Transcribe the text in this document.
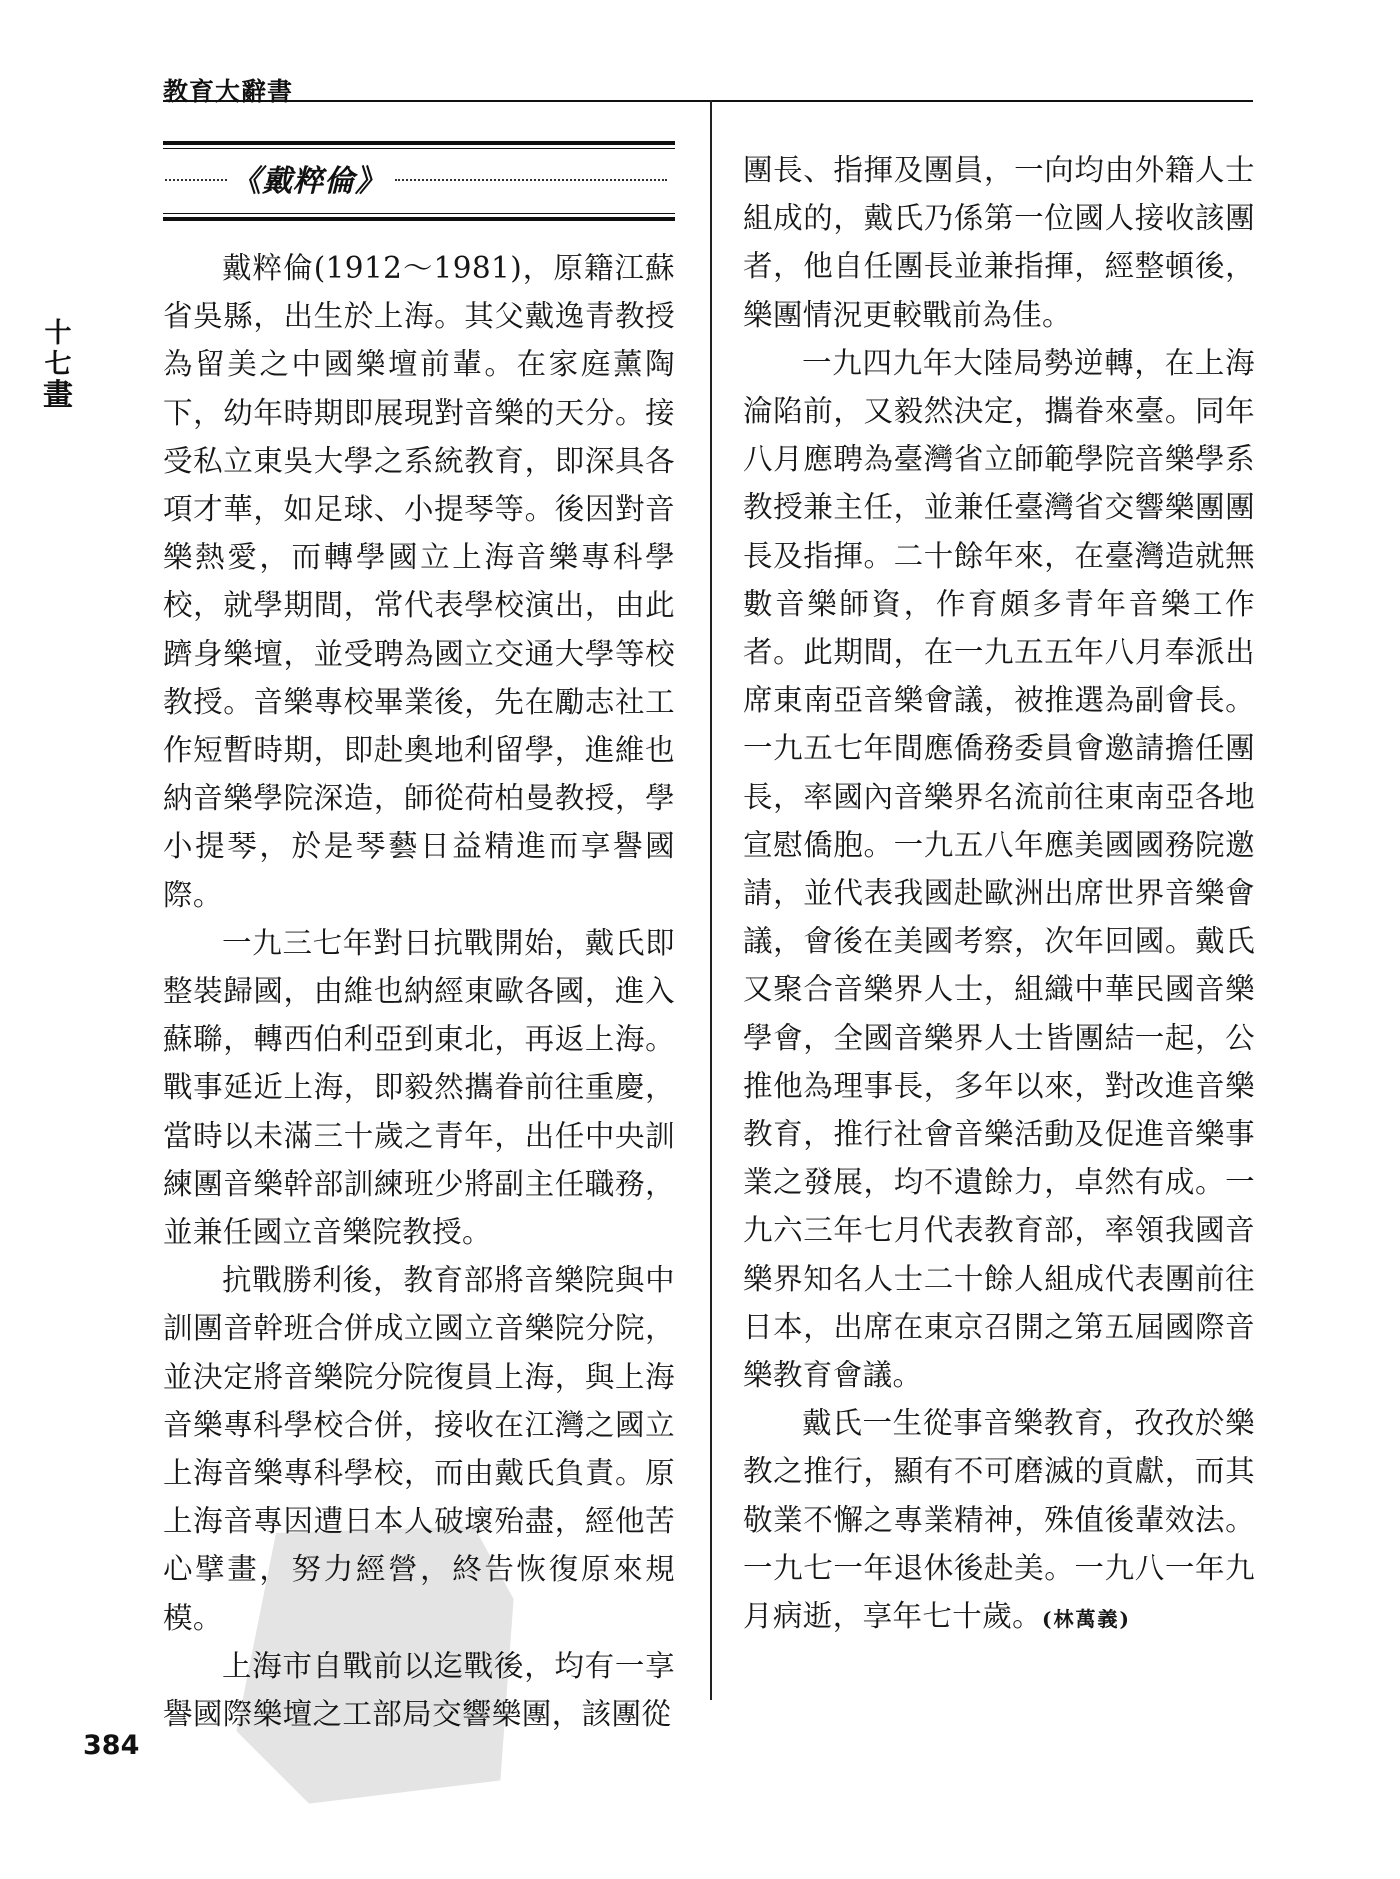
教育大辭書
十
七
畫
《戴粹倫》

戴粹倫(1912～1981)，原籍江蘇省吳縣，出生於上海。其父戴逸青教授為留美之中國樂壇前輩。在家庭薰陶下，幼年時期即展現對音樂的天分。接受私立東吳大學之系統教育，即深具各項才華，如足球、小提琴等。後因對音樂熱愛，而轉學國立上海音樂專科學校，就學期間，常代表學校演出，由此躋身樂壇，並受聘為國立交通大學等校教授。音樂專校畢業後，先在勵志社工作短暫時期，即赴奧地利留學，進維也納音樂學院深造，師從荷柏曼教授，學小提琴，於是琴藝日益精進而享譽國際。

一九三七年對日抗戰開始，戴氏即整裝歸國，由維也納經東歐各國，進入蘇聯，轉西伯利亞到東北，再返上海。戰事延近上海，即毅然攜眷前往重慶，當時以未滿三十歲之青年，出任中央訓練團音樂幹部訓練班少將副主任職務，並兼任國立音樂院教授。

抗戰勝利後，教育部將音樂院與中訓團音幹班合併成立國立音樂院分院，並決定將音樂院分院復員上海，與上海音樂專科學校合併，接收在江灣之國立上海音樂專科學校，而由戴氏負責。原上海音專因遭日本人破壞殆盡，經他苦心擘畫，努力經營，終告恢復原來規模。

上海市自戰前以迄戰後，均有一享譽國際樂壇之工部局交響樂團，該團從

團長、指揮及團員，一向均由外籍人士組成的，戴氏乃係第一位國人接收該團者，他自任團長並兼指揮，經整頓後，樂團情況更較戰前為佳。

一九四九年大陸局勢逆轉，在上海淪陷前，又毅然決定，攜眷來臺。同年八月應聘為臺灣省立師範學院音樂學系教授兼主任，並兼任臺灣省交響樂團團長及指揮。二十餘年來，在臺灣造就無數音樂師資，作育頗多青年音樂工作者。此期間，在一九五五年八月奉派出席東南亞音樂會議，被推選為副會長。一九五七年間應僑務委員會邀請擔任團長，率國內音樂界名流前往東南亞各地宣慰僑胞。一九五八年應美國國務院邀請，並代表我國赴歐洲出席世界音樂會議，會後在美國考察，次年回國。戴氏又聚合音樂界人士，組織中華民國音樂學會，全國音樂界人士皆團結一起，公推他為理事長，多年以來，對改進音樂教育，推行社會音樂活動及促進音樂事業之發展，均不遺餘力，卓然有成。一九六三年七月代表教育部，率領我國音樂界知名人士二十餘人組成代表團前往日本，出席在東京召開之第五屆國際音樂教育會議。

戴氏一生從事音樂教育，孜孜於樂教之推行，顯有不可磨滅的貢獻，而其敬業不懈之專業精神，殊值後輩效法。一九七一年退休後赴美。一九八一年九月病逝，享年七十歲。(林萬義)

384
